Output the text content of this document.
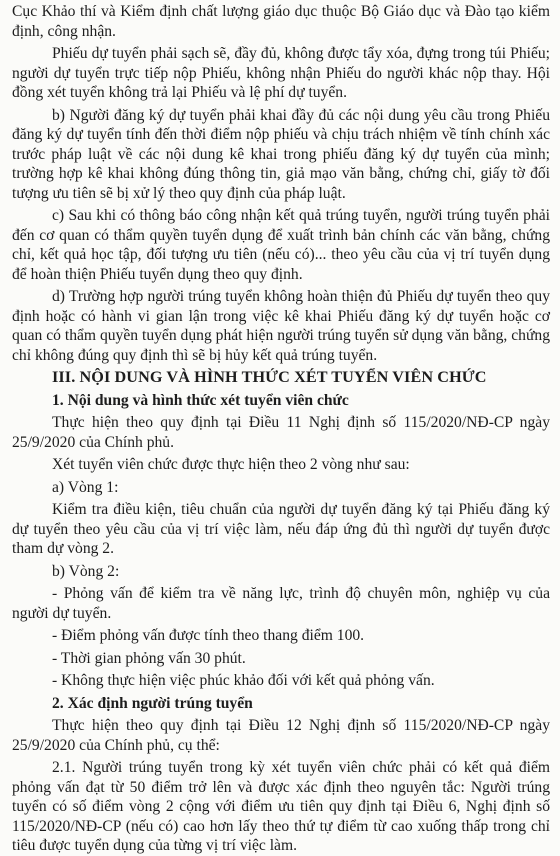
Cục Khảo thí và Kiểm định chất lượng giáo dục thuộc Bộ Giáo dục và Đào tạo kiểm định, công nhận.

Phiếu dự tuyển phải sạch sẽ, đầy đủ, không được tẩy xóa, đựng trong túi Phiếu; người dự tuyển trực tiếp nộp Phiếu, không nhận Phiếu do người khác nộp thay. Hội đồng xét tuyển không trả lại Phiếu và lệ phí dự tuyển.

b) Người đăng ký dự tuyển phải khai đầy đủ các nội dung yêu cầu trong Phiếu đăng ký dự tuyển tính đến thời điểm nộp phiếu và chịu trách nhiệm về tính chính xác trước pháp luật về các nội dung kê khai trong phiếu đăng ký dự tuyển của mình; trường hợp kê khai không đúng thông tin, giả mạo văn bằng, chứng chỉ, giấy tờ đối tượng ưu tiên sẽ bị xử lý theo quy định của pháp luật.

c) Sau khi có thông báo công nhận kết quả trúng tuyển, người trúng tuyển phải đến cơ quan có thẩm quyền tuyển dụng để xuất trình bản chính các văn bằng, chứng chỉ, kết quả học tập, đối tượng ưu tiên (nếu có)... theo yêu cầu của vị trí tuyển dụng để hoàn thiện Phiếu tuyển dụng theo quy định.

d) Trường hợp người trúng tuyển không hoàn thiện đủ Phiếu dự tuyển theo quy định hoặc có hành vi gian lận trong việc kê khai Phiếu đăng ký dự tuyển hoặc cơ quan có thẩm quyền tuyển dụng phát hiện người trúng tuyển sử dụng văn bằng, chứng chỉ không đúng quy định thì sẽ bị hủy kết quả trúng tuyển.

III. NỘI DUNG VÀ HÌNH THỨC XÉT TUYỂN VIÊN CHỨC

1. Nội dung và hình thức xét tuyển viên chức

Thực hiện theo quy định tại Điều 11 Nghị định số 115/2020/NĐ-CP ngày 25/9/2020 của Chính phủ.

Xét tuyển viên chức được thực hiện theo 2 vòng như sau:

a) Vòng 1:

Kiểm tra điều kiện, tiêu chuẩn của người dự tuyển đăng ký tại Phiếu đăng ký dự tuyển theo yêu cầu của vị trí việc làm, nếu đáp ứng đủ thì người dự tuyển được tham dự vòng 2.

b) Vòng 2:

- Phỏng vấn để kiểm tra về năng lực, trình độ chuyên môn, nghiệp vụ của người dự tuyển.

- Điểm phỏng vấn được tính theo thang điểm 100.

- Thời gian phỏng vấn 30 phút.

- Không thực hiện việc phúc khảo đối với kết quả phỏng vấn.

2. Xác định người trúng tuyển

Thực hiện theo quy định tại Điều 12 Nghị định số 115/2020/NĐ-CP ngày 25/9/2020 của Chính phủ, cụ thể:

2.1. Người trúng tuyển trong kỳ xét tuyển viên chức phải có kết quả điểm phỏng vấn đạt từ 50 điểm trở lên và được xác định theo nguyên tắc: Người trúng tuyển có số điểm vòng 2 cộng với điểm ưu tiên quy định tại Điều 6, Nghị định số 115/2020/NĐ-CP (nếu có) cao hơn lấy theo thứ tự điểm từ cao xuống thấp trong chỉ tiêu được tuyển dụng của từng vị trí việc làm.
